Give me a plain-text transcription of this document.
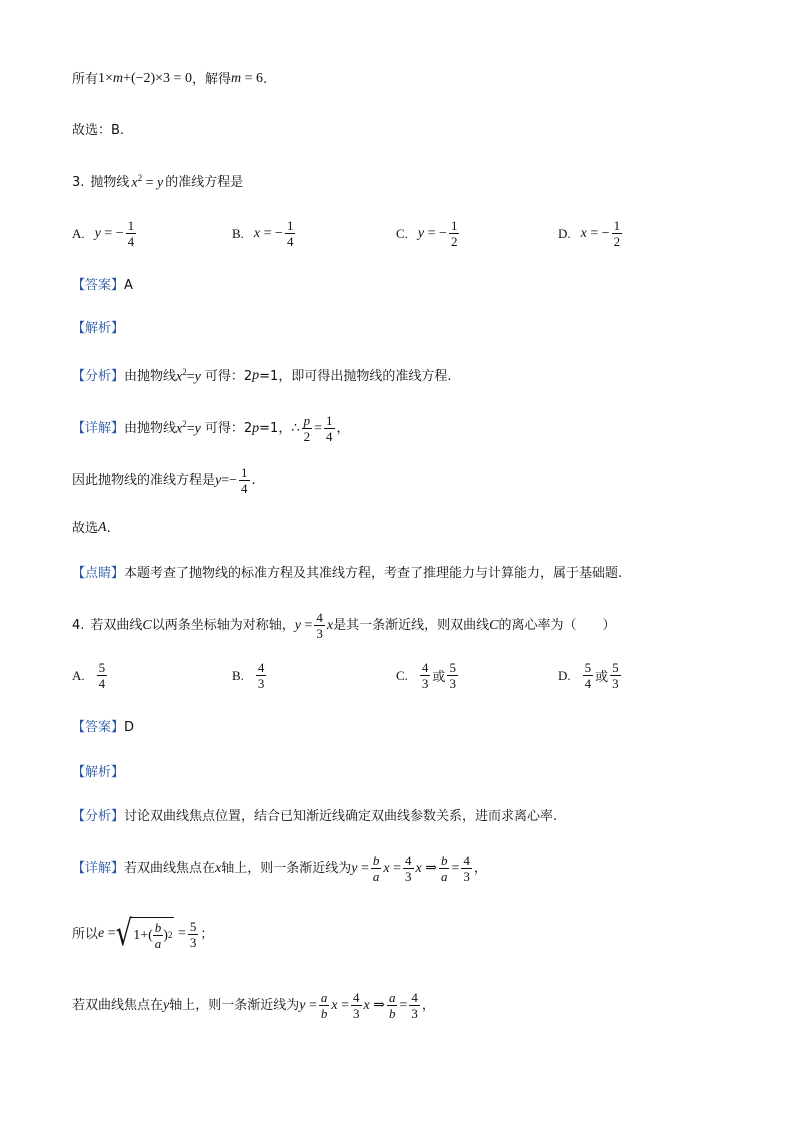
所有 1×m+(−2)×3 = 0 ，解得 m = 6 .
故选：B.
3. 抛物线 $x^2 = y$ 的准线方程是
A. y = − $\frac{1}{4}$	B. x = − $\frac{1}{4}$	C. y = − $\frac{1}{2}$	D. x = − $\frac{1}{2}$
【答案】 A
【解析】
【分析】 由抛物线 $x^2=y$ 可得：2 p =1，即可得出抛物线的准线方程.
【详解】 由抛物线 $x^2=y$ 可得：2 p =1，∴ $\frac{p}{2} = \frac{1}{4}$ ，
因此抛物线的准线方程是 $y=- \frac{1}{4}$ .
故选 A .
【点睛】 本题考查了抛物线的标准方程及其准线方程，考查了推理能力与计算能力，属于基础题.
4. 若双曲线 C 以两条坐标轴为对称轴， $y = \frac{4}{3}$ x 是其一条渐近线，则双曲线 C 的离心率为（　　）
A. $\frac{5}{4}$	B. $\frac{4}{3}$	C. $\frac{4}{3}$ 或 $\frac{5}{3}$	D. $\frac{5}{4}$ 或 $\frac{5}{3}$
【答案】 D
【解析】
【分析】 讨论双曲线焦点位置，结合已知渐近线确定双曲线参数关系，进而求离心率.
【详解】 若双曲线焦点在 x 轴上，则一条渐近线为 $y = \frac{b}{a}$ $x = \frac{4}{3}$ x ⇒ $\frac{b}{a} = \frac{4}{3}$ ，
所以 e = √ $1+( \frac{b}{a}$ ) $2 = \frac{5}{3}$ ；
若双曲线焦点在 y 轴上，则一条渐近线为 $y = \frac{a}{b}$ $x = \frac{4}{3}$ x ⇒ $\frac{a}{b} = \frac{4}{3}$ ，
